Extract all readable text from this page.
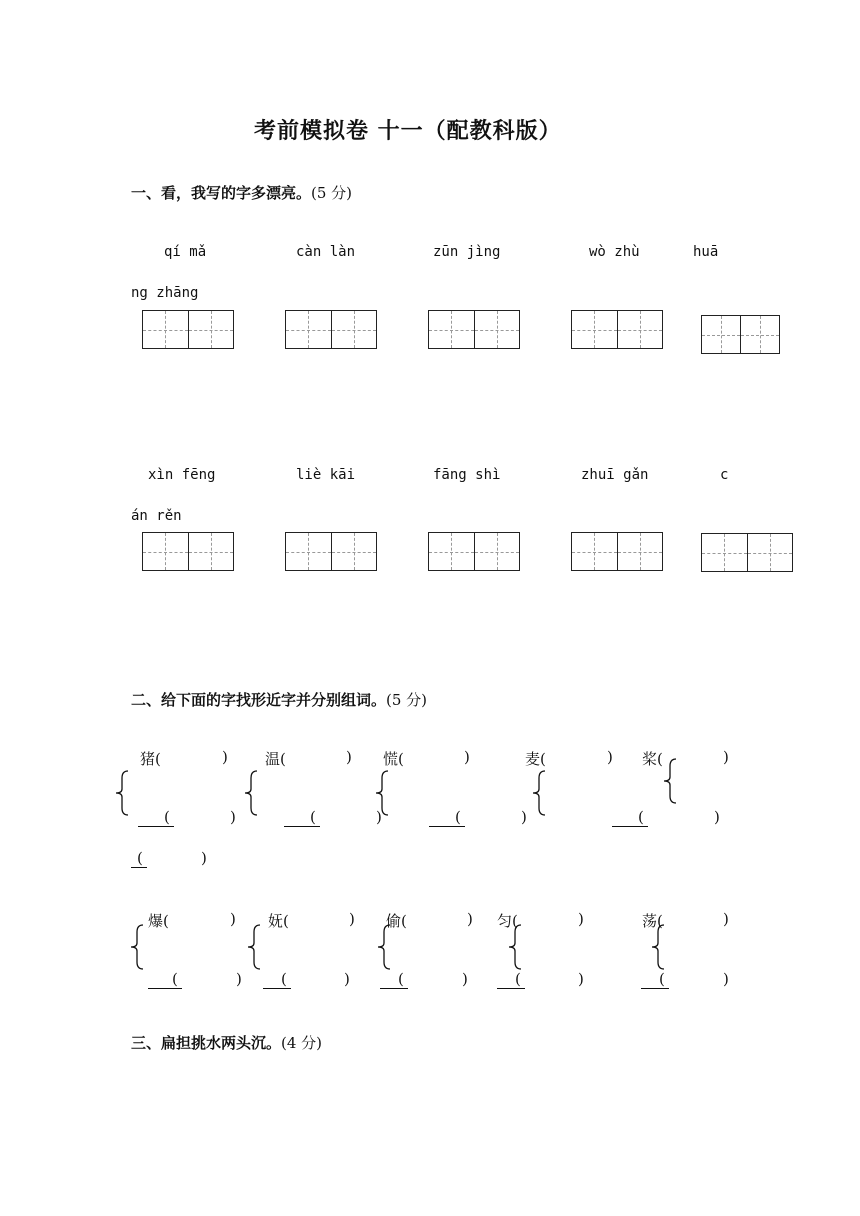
考前模拟卷 十一（配教科版）
一、看，我写的字多漂亮。(5 分)
qí mǎ	càn làn	zūn jìng	wò zhù	huā
ng zhāng
xìn fēng	liè kāi	fāng shì	zhuī gǎn	c
án rěn
二、给下面的字找形近字并分别组词。(5 分)
猪(	) 温(	) 慌(	)	麦(	) 桨(	)
(	)	(	)	(	)	(	)
(	)
爆(	) 妩(	) 偷(	) 匀(	)	荡(	)
(	)	(	)	(	)	(	)	(	)
三、扁担挑水两头沉。(4 分)
